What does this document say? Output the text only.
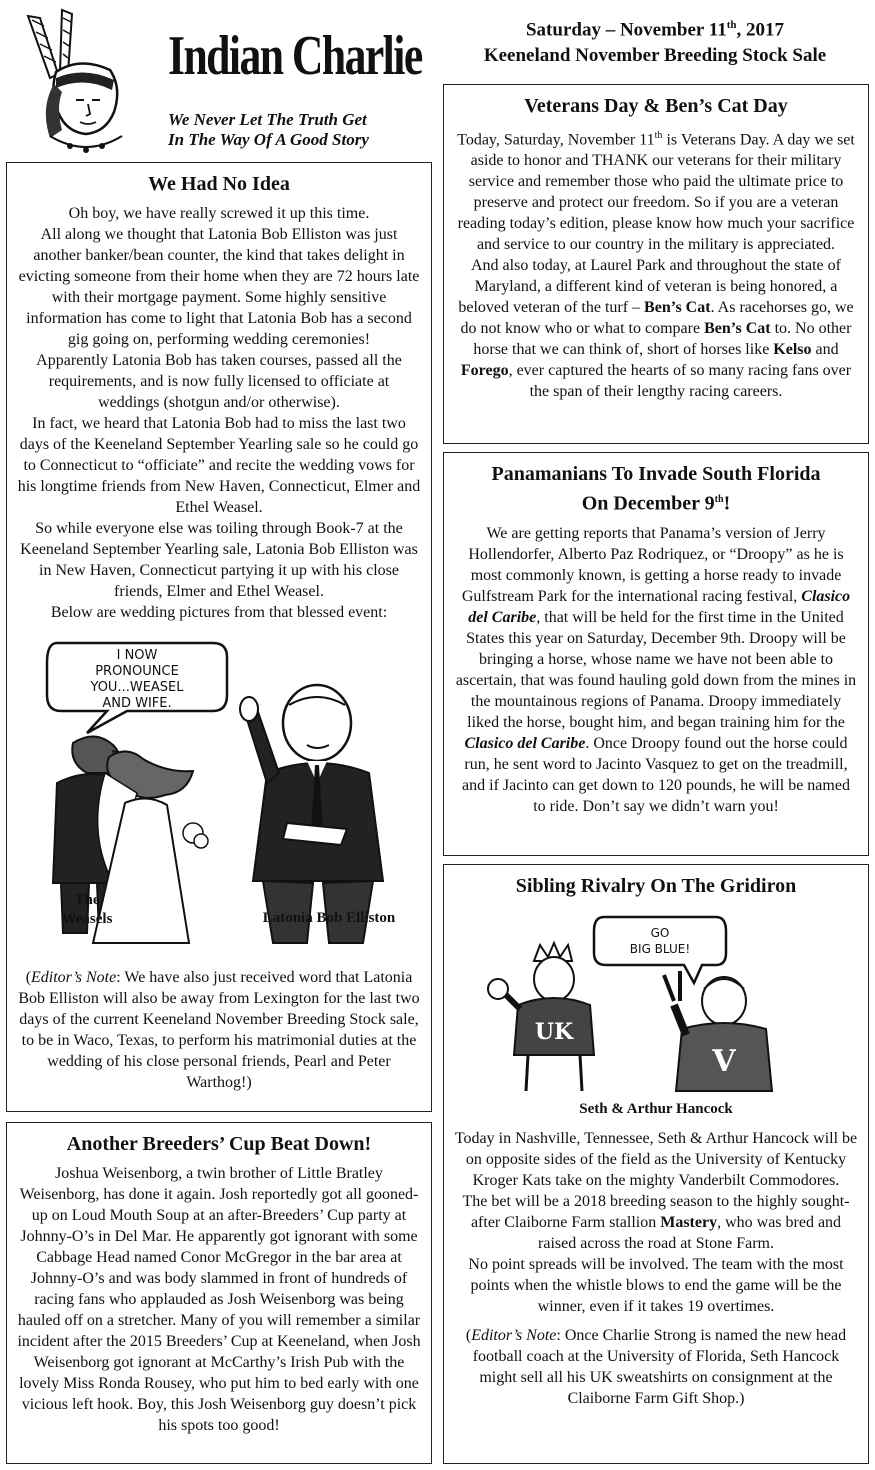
Indian Charlie
We Never Let The Truth Get
In The Way Of A Good Story
Saturday – November 11th, 2017
Keeneland November Breeding Stock Sale
We Had No Idea

Oh boy, we have really screwed it up this time.

All along we thought that Latonia Bob Elliston was just another banker/bean counter, the kind that takes delight in evicting someone from their home when they are 72 hours late with their mortgage payment. Some highly sensitive information has come to light that Latonia Bob has a second gig going on, performing wedding ceremonies!

Apparently Latonia Bob has taken courses, passed all the requirements, and is now fully licensed to officiate at weddings (shotgun and/or otherwise).

In fact, we heard that Latonia Bob had to miss the last two days of the Keeneland September Yearling sale so he could go to Connecticut to “officiate” and recite the wedding vows for his longtime friends from New Haven, Connecticut, Elmer and Ethel Weasel.

So while everyone else was toiling through Book-7 at the Keeneland September Yearling sale, Latonia Bob Elliston was in New Haven, Connecticut partying it up with his close friends, Elmer and Ethel Weasel.

Below are wedding pictures from that blessed event:

I NOW
PRONOUNCE
YOU...WEASEL
AND WIFE.
The
Weasels	Latonia Bob Elliston

(Editor’s Note: We have also just received word that Latonia Bob Elliston will also be away from Lexington for the last two days of the current Keeneland November Breeding Stock sale, to be in Waco, Texas, to perform his matrimonial duties at the wedding of his close personal friends, Pearl and Peter Warthog!)

Another Breeders’ Cup Beat Down!

Joshua Weisenborg, a twin brother of Little Bratley Weisenborg, has done it again. Josh reportedly got all gooned-up on Loud Mouth Soup at an after-Breeders’ Cup party at Johnny-O’s in Del Mar. He apparently got ignorant with some Cabbage Head named Conor McGregor in the bar area at Johnny-O’s and was body slammed in front of hundreds of racing fans who applauded as Josh Weisenborg was being hauled off on a stretcher. Many of you will remember a similar incident after the 2015 Breeders’ Cup at Keeneland, when Josh Weisenborg got ignorant at McCarthy’s Irish Pub with the lovely Miss Ronda Rousey, who put him to bed early with one vicious left hook. Boy, this Josh Weisenborg guy doesn’t pick his spots too good!

Veterans Day & Ben’s Cat Day

Today, Saturday, November 11th is Veterans Day. A day we set aside to honor and THANK our veterans for their military service and remember those who paid the ultimate price to preserve and protect our freedom. So if you are a veteran reading today’s edition, please know how much your sacrifice and service to our country in the military is appreciated.

And also today, at Laurel Park and throughout the state of Maryland, a different kind of veteran is being honored, a beloved veteran of the turf – Ben’s Cat. As racehorses go, we do not know who or what to compare Ben’s Cat to. No other horse that we can think of, short of horses like Kelso and Forego, ever captured the hearts of so many racing fans over the span of their lengthy racing careers.

Panamanians To Invade South Florida
On December 9th!

We are getting reports that Panama’s version of Jerry Hollendorfer, Alberto Paz Rodriquez, or “Droopy” as he is most commonly known, is getting a horse ready to invade Gulfstream Park for the international racing festival, Clasico del Caribe, that will be held for the first time in the United States this year on Saturday, December 9th. Droopy will be bringing a horse, whose name we have not been able to ascertain, that was found hauling gold down from the mines in the mountainous regions of Panama. Droopy immediately liked the horse, bought him, and began training him for the Clasico del Caribe. Once Droopy found out the horse could run, he sent word to Jacinto Vasquez to get on the treadmill, and if Jacinto can get down to 120 pounds, he will be named to ride. Don’t say we didn’t warn you!

Sibling Rivalry On The Gridiron
GO
BIG BLUE!
UK
V
Seth & Arthur Hancock

Today in Nashville, Tennessee, Seth & Arthur Hancock will be on opposite sides of the field as the University of Kentucky Kroger Kats take on the mighty Vanderbilt Commodores.

The bet will be a 2018 breeding season to the highly sought-after Claiborne Farm stallion Mastery, who was bred and raised across the road at Stone Farm.

No point spreads will be involved. The team with the most points when the whistle blows to end the game will be the winner, even if it takes 19 overtimes.

(Editor’s Note: Once Charlie Strong is named the new head football coach at the University of Florida, Seth Hancock might sell all his UK sweatshirts on consignment at the Claiborne Farm Gift Shop.)
